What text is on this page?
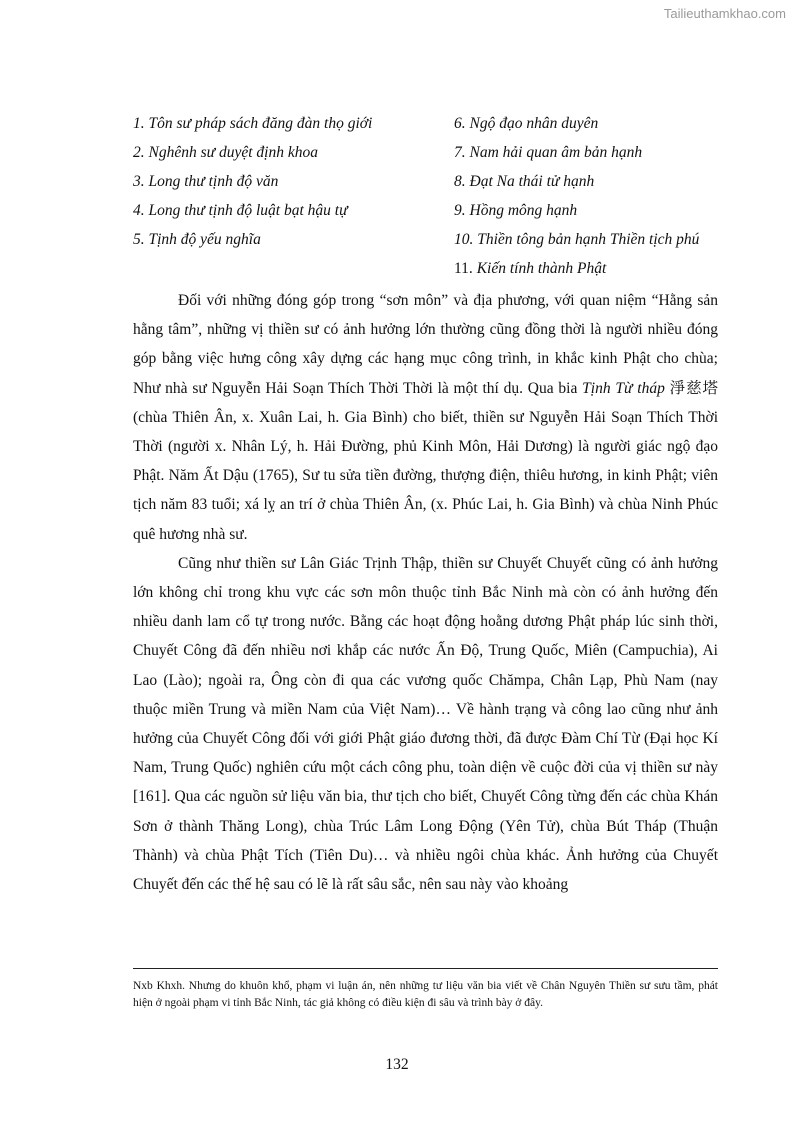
Tailieuthamkhao.com
1. Tôn sư pháp sách đăng đàn thọ giới
2. Nghênh sư duyệt định khoa
3. Long thư tịnh độ văn
4. Long thư tịnh độ luật bạt hậu tự
5. Tịnh độ yếu nghĩa
6. Ngộ đạo nhân duyên
7. Nam hải quan âm bản hạnh
8. Đạt Na thái tử hạnh
9. Hồng mông hạnh
10. Thiền tông bản hạnh Thiền tịch phú
11. Kiến tính thành Phật

Đối với những đóng góp trong “sơn môn” và địa phương, với quan niệm “Hằng sản hằng tâm”, những vị thiền sư có ảnh hưởng lớn thường cũng đồng thời là người nhiều đóng góp bằng việc hưng công xây dựng các hạng mục công trình, in khắc kinh Phật cho chùa; Như nhà sư Nguyễn Hải Soạn Thích Thời Thời là một thí dụ. Qua bia Tịnh Từ tháp 淨慈塔 (chùa Thiên Ân, x. Xuân Lai, h. Gia Bình) cho biết, thiền sư Nguyễn Hải Soạn Thích Thời Thời (người x. Nhân Lý, h. Hải Đường, phủ Kinh Môn, Hải Dương) là người giác ngộ đạo Phật. Năm Ất Dậu (1765), Sư tu sửa tiền đường, thượng điện, thiêu hương, in kinh Phật; viên tịch năm 83 tuổi; xá lỵ an trí ở chùa Thiên Ân, (x. Phúc Lai, h. Gia Bình) và chùa Ninh Phúc quê hương nhà sư.

Cũng như thiền sư Lân Giác Trịnh Thập, thiền sư Chuyết Chuyết cũng có ảnh hưởng lớn không chỉ trong khu vực các sơn môn thuộc tỉnh Bắc Ninh mà còn có ảnh hưởng đến nhiều danh lam cổ tự trong nước. Bằng các hoạt động hoằng dương Phật pháp lúc sinh thời, Chuyết Công đã đến nhiều nơi khắp các nước Ấn Độ, Trung Quốc, Miên (Campuchia), Ai Lao (Lào); ngoài ra, Ông còn đi qua các vương quốc Chămpa, Chân Lạp, Phù Nam (nay thuộc miền Trung và miền Nam của Việt Nam)… Về hành trạng và công lao cũng như ảnh hưởng của Chuyết Công đối với giới Phật giáo đương thời, đã được Đàm Chí Từ (Đại học Kí Nam, Trung Quốc) nghiên cứu một cách công phu, toàn diện về cuộc đời của vị thiền sư này [161]. Qua các nguồn sử liệu văn bia, thư tịch cho biết, Chuyết Công từng đến các chùa Khán Sơn ở thành Thăng Long), chùa Trúc Lâm Long Động (Yên Tử), chùa Bút Tháp (Thuận Thành) và chùa Phật Tích (Tiên Du)… và nhiều ngôi chùa khác. Ảnh hưởng của Chuyết Chuyết đến các thế hệ sau có lẽ là rất sâu sắc, nên sau này vào khoảng

Nxb Khxh. Nhưng do khuôn khổ, phạm vi luận án, nên những tư liệu văn bia viết về Chân Nguyên Thiền sư sưu tầm, phát hiện ở ngoài phạm vi tỉnh Bắc Ninh, tác giả không có điều kiện đi sâu và trình bày ở đây.
132
